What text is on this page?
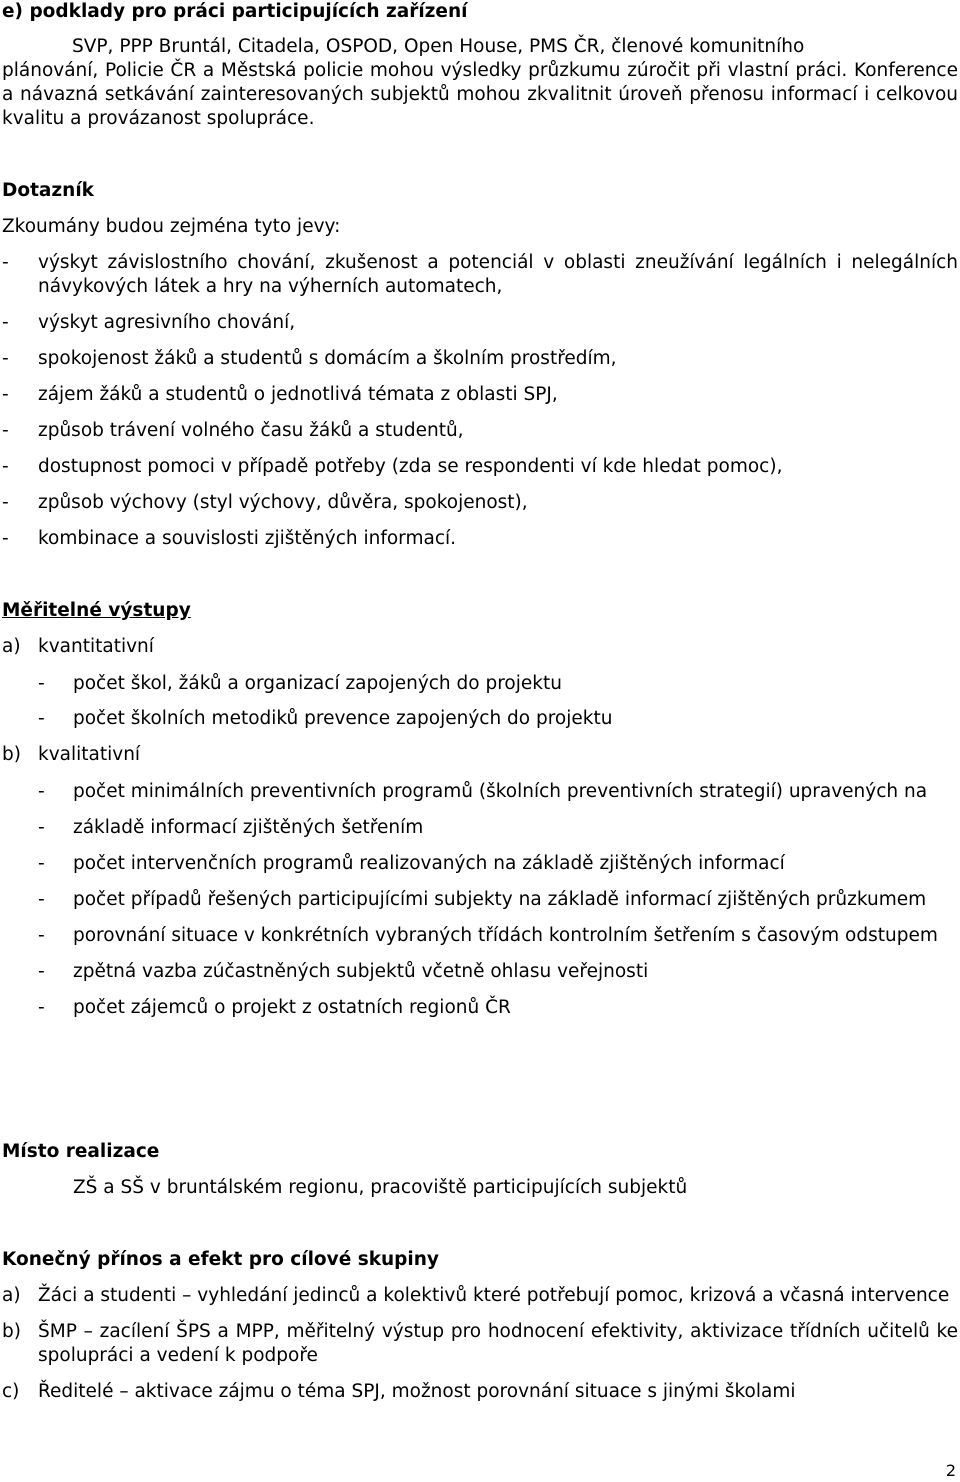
e) podklady pro práci participujících zařízení

SVP, PPP Bruntál, Citadela, OSPOD, Open House, PMS ČR, členové komunitního

plánování, Policie ČR a Městská policie mohou výsledky průzkumu zúročit při vlastní práci. Konference a návazná setkávání zainteresovaných subjektů mohou zkvalitnit úroveň přenosu informací i celkovou kvalitu a provázanost spolupráce.

Dotazník

Zkoumány budou zejména tyto jevy:

-	výskyt závislostního chování, zkušenost a potenciál v oblasti zneužívání legálních i nelegálních návykových látek a hry na výherních automatech,
-	výskyt agresivního chování,
-	spokojenost žáků a studentů s domácím a školním prostředím,
-	zájem žáků a studentů o jednotlivá témata z oblasti SPJ,
-	způsob trávení volného času žáků a studentů,
-	dostupnost pomoci v případě potřeby (zda se respondenti ví kde hledat pomoc),
-	způsob výchovy (styl výchovy, důvěra, spokojenost),
-	kombinace a souvislosti zjištěných informací.

Měřitelné výstupy

a) kvantitativní
-	počet škol, žáků a organizací zapojených do projektu
-	počet školních metodiků prevence zapojených do projektu
b) kvalitativní
-	počet minimálních preventivních programů (školních preventivních strategií) upravených na
-	základě informací zjištěných šetřením
-	počet intervenčních programů realizovaných na základě zjištěných informací
-	počet případů řešených participujícími subjekty na základě informací zjištěných průzkumem
-	porovnání situace v konkrétních vybraných třídách kontrolním šetřením s časovým odstupem
-	zpětná vazba zúčastněných subjektů včetně ohlasu veřejnosti
-	počet zájemců o projekt z ostatních regionů ČR

Místo realizace

ZŠ a SŠ v bruntálském regionu, pracoviště participujících subjektů

Konečný přínos a efekt pro cílové skupiny

a) Žáci a studenti – vyhledání jedinců a kolektivů které potřebují pomoc, krizová a včasná intervence
b) ŠMP – zacílení ŠPS a MPP, měřitelný výstup pro hodnocení efektivity, aktivizace třídních učitelů ke spolupráci a vedení k podpoře
c)	Ředitelé – aktivace zájmu o téma SPJ, možnost porovnání situace s jinými školami
2
